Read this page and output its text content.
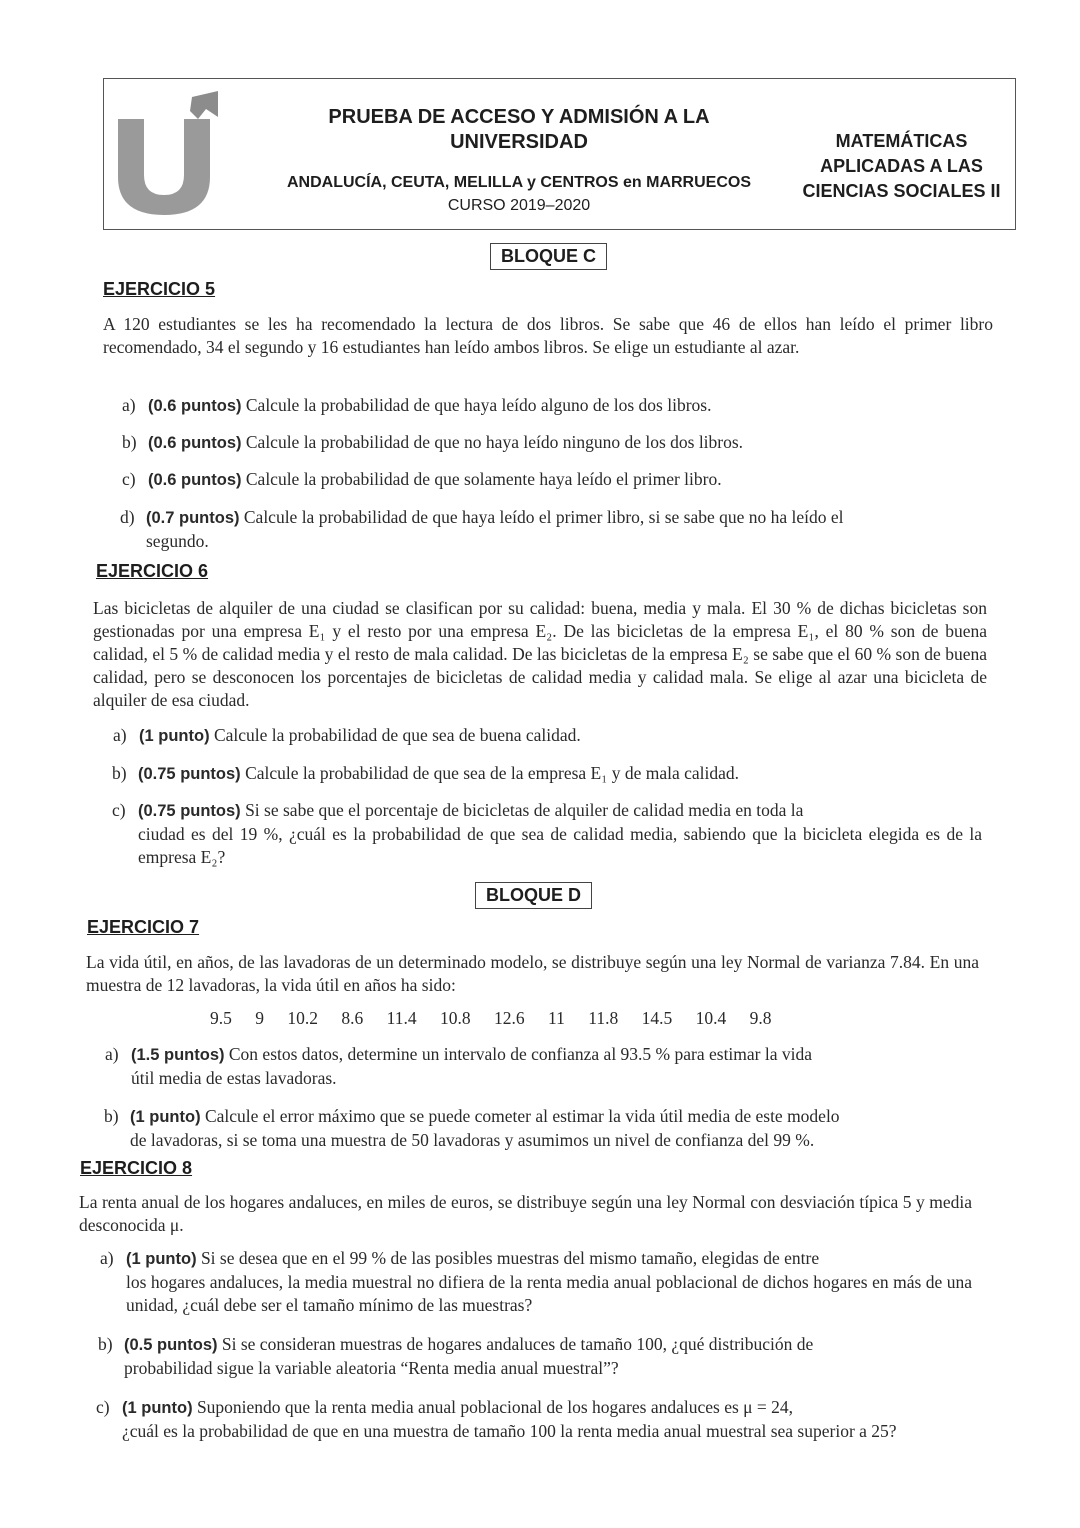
PRUEBA DE ACCESO Y ADMISIÓN A LA
UNIVERSIDAD
ANDALUCÍA, CEUTA, MELILLA y CENTROS en MARRUECOS
CURSO 2019–2020
MATEMÁTICAS
APLICADAS A LAS
CIENCIAS SOCIALES II
BLOQUE C
EJERCICIO 5
A 120 estudiantes se les ha recomendado la lectura de dos libros. Se sabe que 46 de ellos han leído el primer libro recomendado, 34 el segundo y 16 estudiantes han leído ambos libros. Se elige un estudiante al azar.
a) (0.6 puntos) Calcule la probabilidad de que haya leído alguno de los dos libros.
b) (0.6 puntos) Calcule la probabilidad de que no haya leído ninguno de los dos libros.
c) (0.6 puntos) Calcule la probabilidad de que solamente haya leído el primer libro.
d) (0.7 puntos) Calcule la probabilidad de que haya leído el primer libro, si se sabe que no ha leído el
segundo.
EJERCICIO 6
Las bicicletas de alquiler de una ciudad se clasifican por su calidad: buena, media y mala. El 30 % de dichas bicicletas son gestionadas por una empresa E₁ y el resto por una empresa E₂. De las bicicletas de la empresa E₁, el 80 % son de buena calidad, el 5 % de calidad media y el resto de mala calidad. De las bicicletas de la empresa E₂ se sabe que el 60 % son de buena calidad, pero se desconocen los porcentajes de bicicletas de calidad media y calidad mala. Se elige al azar una bicicleta de alquiler de esa ciudad.
a) (1 punto) Calcule la probabilidad de que sea de buena calidad.
b) (0.75 puntos) Calcule la probabilidad de que sea de la empresa E₁ y de mala calidad.
c) (0.75 puntos) Si se sabe que el porcentaje de bicicletas de alquiler de calidad media en toda la
ciudad es del 19 %, ¿cuál es la probabilidad de que sea de calidad media, sabiendo que la bicicleta elegida es de la empresa E₂?
BLOQUE D
EJERCICIO 7
La vida útil, en años, de las lavadoras de un determinado modelo, se distribuye según una ley Normal de varianza 7.84. En una muestra de 12 lavadoras, la vida útil en años ha sido:
9.5 9 10.2 8.6 11.4 10.8 12.6 11 11.8 14.5 10.4 9.8
a) (1.5 puntos) Con estos datos, determine un intervalo de confianza al 93.5 % para estimar la vida
útil media de estas lavadoras.
b) (1 punto) Calcule el error máximo que se puede cometer al estimar la vida útil media de este modelo
de lavadoras, si se toma una muestra de 50 lavadoras y asumimos un nivel de confianza del 99 %.
EJERCICIO 8
La renta anual de los hogares andaluces, en miles de euros, se distribuye según una ley Normal con desviación típica 5 y media desconocida μ.
a) (1 punto) Si se desea que en el 99 % de las posibles muestras del mismo tamaño, elegidas de entre
los hogares andaluces, la media muestral no difiera de la renta media anual poblacional de dichos hogares en más de una unidad, ¿cuál debe ser el tamaño mínimo de las muestras?
b) (0.5 puntos) Si se consideran muestras de hogares andaluces de tamaño 100, ¿qué distribución de
probabilidad sigue la variable aleatoria “Renta media anual muestral”?
c) (1 punto) Suponiendo que la renta media anual poblacional de los hogares andaluces es μ = 24,
¿cuál es la probabilidad de que en una muestra de tamaño 100 la renta media anual muestral sea superior a 25?
